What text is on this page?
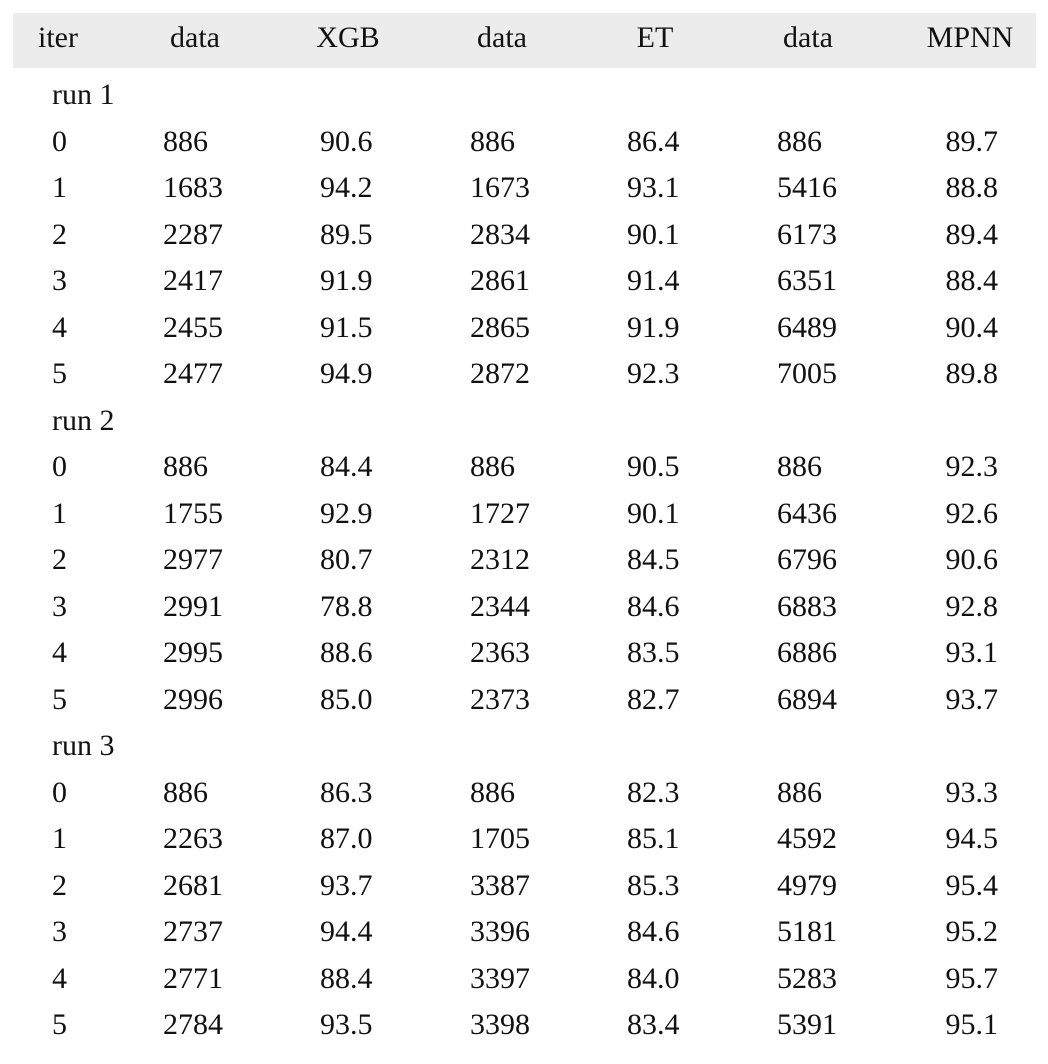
iter	data	XGB	data	ET	data	MPNN
run 1
0	886	90.6	886	86.4	886	89.7
1	1683	94.2	1673	93.1	5416	88.8
2	2287	89.5	2834	90.1	6173	89.4
3	2417	91.9	2861	91.4	6351	88.4
4	2455	91.5	2865	91.9	6489	90.4
5	2477	94.9	2872	92.3	7005	89.8
run 2
0	886	84.4	886	90.5	886	92.3
1	1755	92.9	1727	90.1	6436	92.6
2	2977	80.7	2312	84.5	6796	90.6
3	2991	78.8	2344	84.6	6883	92.8
4	2995	88.6	2363	83.5	6886	93.1
5	2996	85.0	2373	82.7	6894	93.7
run 3
0	886	86.3	886	82.3	886	93.3
1	2263	87.0	1705	85.1	4592	94.5
2	2681	93.7	3387	85.3	4979	95.4
3	2737	94.4	3396	84.6	5181	95.2
4	2771	88.4	3397	84.0	5283	95.7
5	2784	93.5	3398	83.4	5391	95.1
